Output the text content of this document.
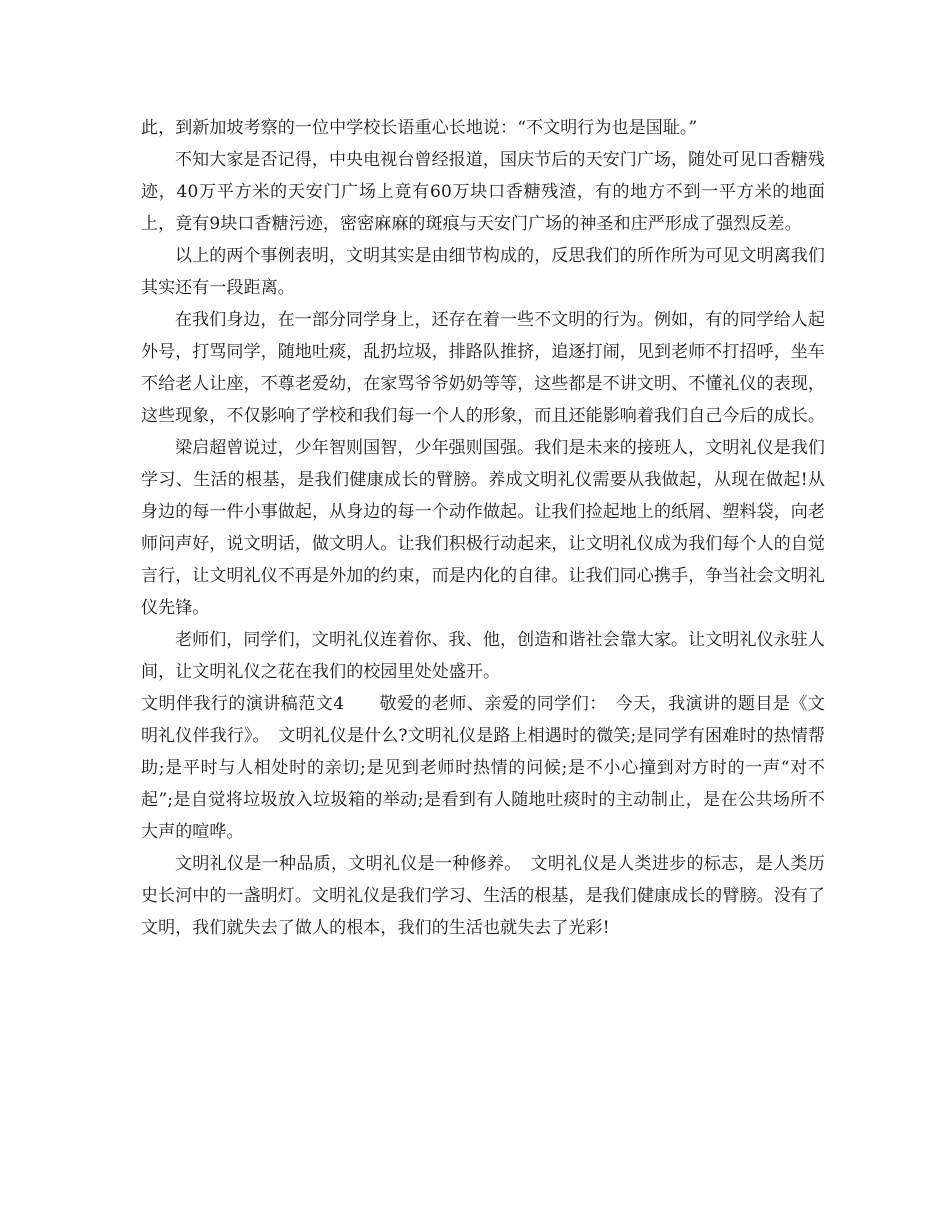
此，到新加坡考察的一位中学校长语重心长地说：“不文明行为也是国耻。”

不知大家是否记得，中央电视台曾经报道，国庆节后的天安门广场，随处可见口香糖残迹，40万平方米的天安门广场上竟有60万块口香糖残渣，有的地方不到一平方米的地面上，竟有9块口香糖污迹，密密麻麻的斑痕与天安门广场的神圣和庄严形成了强烈反差。

以上的两个事例表明，文明其实是由细节构成的，反思我们的所作所为可见文明离我们其实还有一段距离。

在我们身边，在一部分同学身上，还存在着一些不文明的行为。例如，有的同学给人起外号，打骂同学，随地吐痰，乱扔垃圾，排路队推挤，追逐打闹，见到老师不打招呼，坐车不给老人让座，不尊老爱幼，在家骂爷爷奶奶等等，这些都是不讲文明、不懂礼仪的表现，这些现象，不仅影响了学校和我们每一个人的形象，而且还能影响着我们自己今后的成长。

梁启超曾说过，少年智则国智，少年强则国强。我们是未来的接班人，文明礼仪是我们学习、生活的根基，是我们健康成长的臂膀。养成文明礼仪需要从我做起，从现在做起!从身边的每一件小事做起，从身边的每一个动作做起。让我们捡起地上的纸屑、塑料袋，向老师问声好，说文明话，做文明人。让我们积极行动起来，让文明礼仪成为我们每个人的自觉言行，让文明礼仪不再是外加的约束，而是内化的自律。让我们同心携手，争当社会文明礼仪先锋。

老师们，同学们，文明礼仪连着你、我、他，创造和谐社会靠大家。让文明礼仪永驻人间，让文明礼仪之花在我们的校园里处处盛开。

文明伴我行的演讲稿范文4　　敬爱的老师、亲爱的同学们：　今天，我演讲的题目是《文明礼仪伴我行》。　文明礼仪是什么?文明礼仪是路上相遇时的微笑;是同学有困难时的热情帮助;是平时与人相处时的亲切;是见到老师时热情的问候;是不小心撞到对方时的一声“对不起”;是自觉将垃圾放入垃圾箱的举动;是看到有人随地吐痰时的主动制止，是在公共场所不大声的喧哗。

文明礼仪是一种品质，文明礼仪是一种修养。　文明礼仪是人类进步的标志，是人类历史长河中的一盏明灯。文明礼仪是我们学习、生活的根基，是我们健康成长的臂膀。没有了文明，我们就失去了做人的根本，我们的生活也就失去了光彩!
